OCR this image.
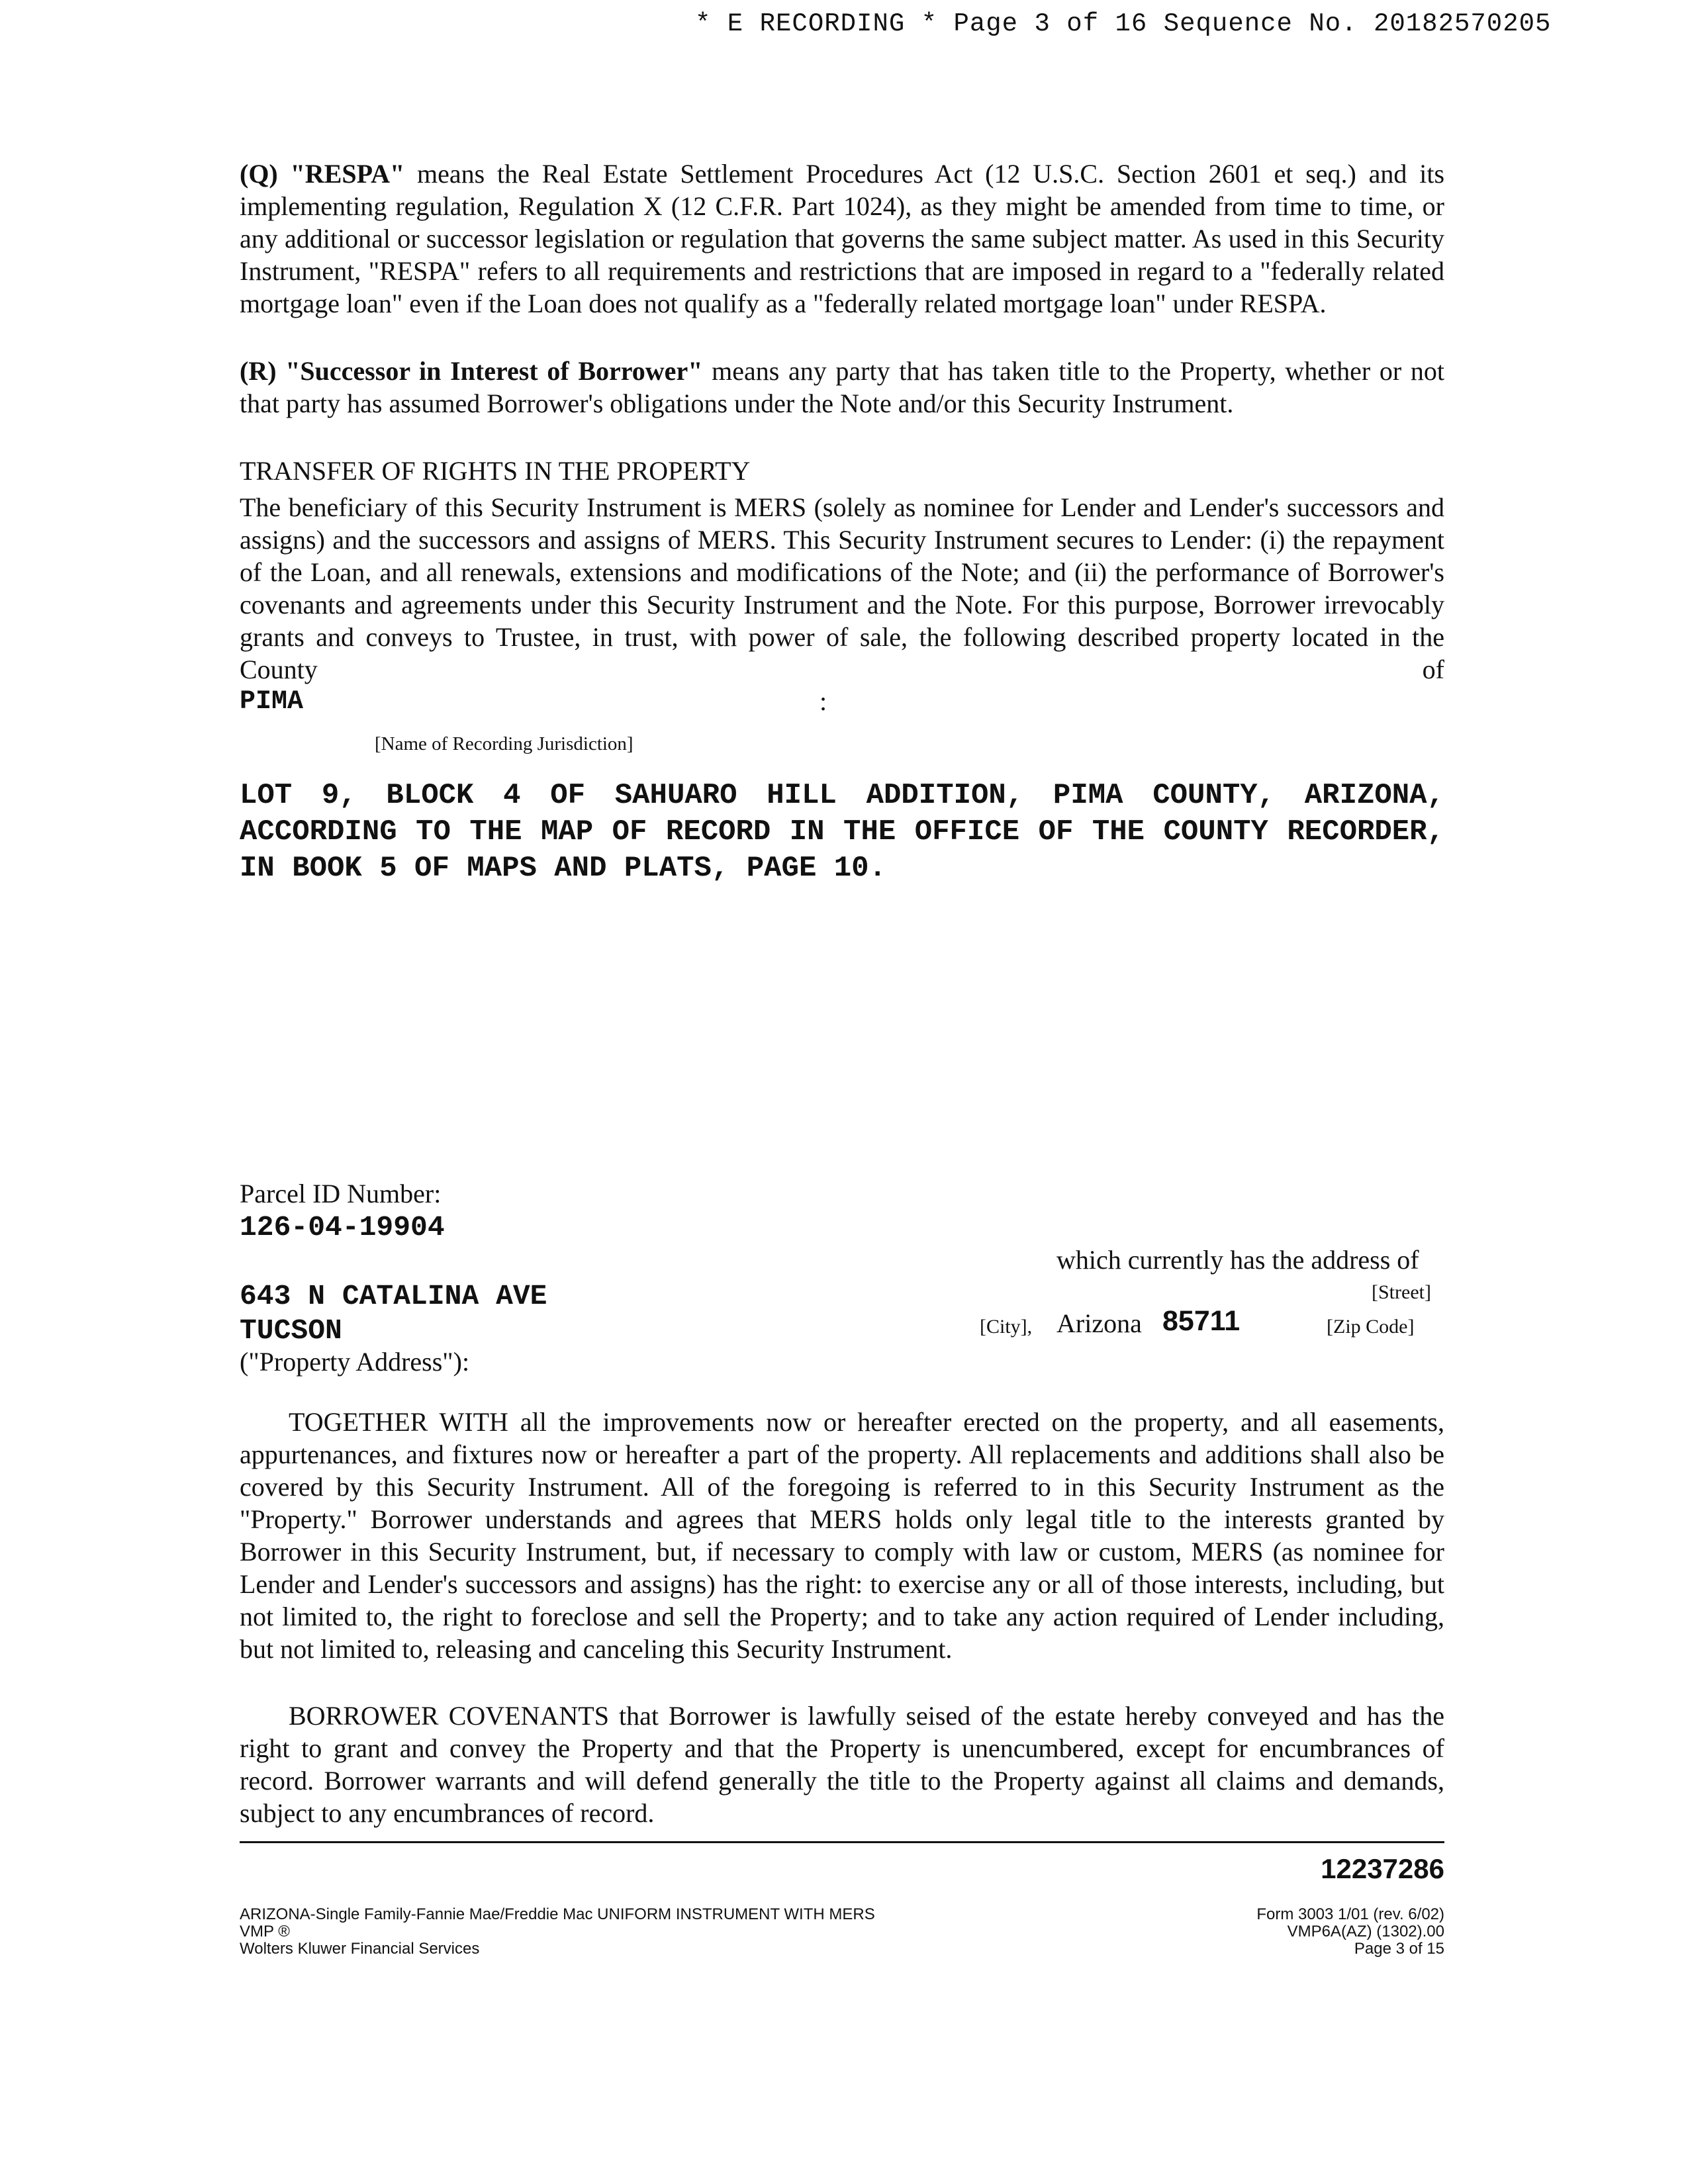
* E RECORDING * Page 3 of 16 Sequence No. 20182570205
(Q) "RESPA" means the Real Estate Settlement Procedures Act (12 U.S.C. Section 2601 et seq.) and its implementing regulation, Regulation X (12 C.F.R. Part 1024), as they might be amended from time to time, or any additional or successor legislation or regulation that governs the same subject matter. As used in this Security Instrument, "RESPA" refers to all requirements and restrictions that are imposed in regard to a "federally related mortgage loan" even if the Loan does not qualify as a "federally related mortgage loan" under RESPA.
(R) "Successor in Interest of Borrower" means any party that has taken title to the Property, whether or not that party has assumed Borrower's obligations under the Note and/or this Security Instrument.
TRANSFER OF RIGHTS IN THE PROPERTY
The beneficiary of this Security Instrument is MERS (solely as nominee for Lender and Lender's successors and assigns) and the successors and assigns of MERS. This Security Instrument secures to Lender: (i) the repayment of the Loan, and all renewals, extensions and modifications of the Note; and (ii) the performance of Borrower's covenants and agreements under this Security Instrument and the Note. For this purpose, Borrower irrevocably grants and conveys to Trustee, in trust, with power of sale, the following described property located in the County of
PIMA	:
[Name of Recording Jurisdiction]
LOT 9, BLOCK 4 OF SAHUARO HILL ADDITION, PIMA COUNTY, ARIZONA, ACCORDING TO THE MAP OF RECORD IN THE OFFICE OF THE COUNTY RECORDER, IN BOOK 5 OF MAPS AND PLATS, PAGE 10.
Parcel ID Number:
126-04-19904
which currently has the address of
643 N CATALINA AVE	[Street]
TUCSON	[City], Arizona 85711	[Zip Code]
("Property Address"):
TOGETHER WITH all the improvements now or hereafter erected on the property, and all easements, appurtenances, and fixtures now or hereafter a part of the property. All replacements and additions shall also be covered by this Security Instrument. All of the foregoing is referred to in this Security Instrument as the "Property." Borrower understands and agrees that MERS holds only legal title to the interests granted by Borrower in this Security Instrument, but, if necessary to comply with law or custom, MERS (as nominee for Lender and Lender's successors and assigns) has the right: to exercise any or all of those interests, including, but not limited to, the right to foreclose and sell the Property; and to take any action required of Lender including, but not limited to, releasing and canceling this Security Instrument.
BORROWER COVENANTS that Borrower is lawfully seised of the estate hereby conveyed and has the right to grant and convey the Property and that the Property is unencumbered, except for encumbrances of record. Borrower warrants and will defend generally the title to the Property against all claims and demands, subject to any encumbrances of record.
12237286
ARIZONA-Single Family-Fannie Mae/Freddie Mac UNIFORM INSTRUMENT WITH MERS
VMP ®
Wolters Kluwer Financial Services
Form 3003 1/01 (rev. 6/02)
VMP6A(AZ) (1302).00
Page 3 of 15
